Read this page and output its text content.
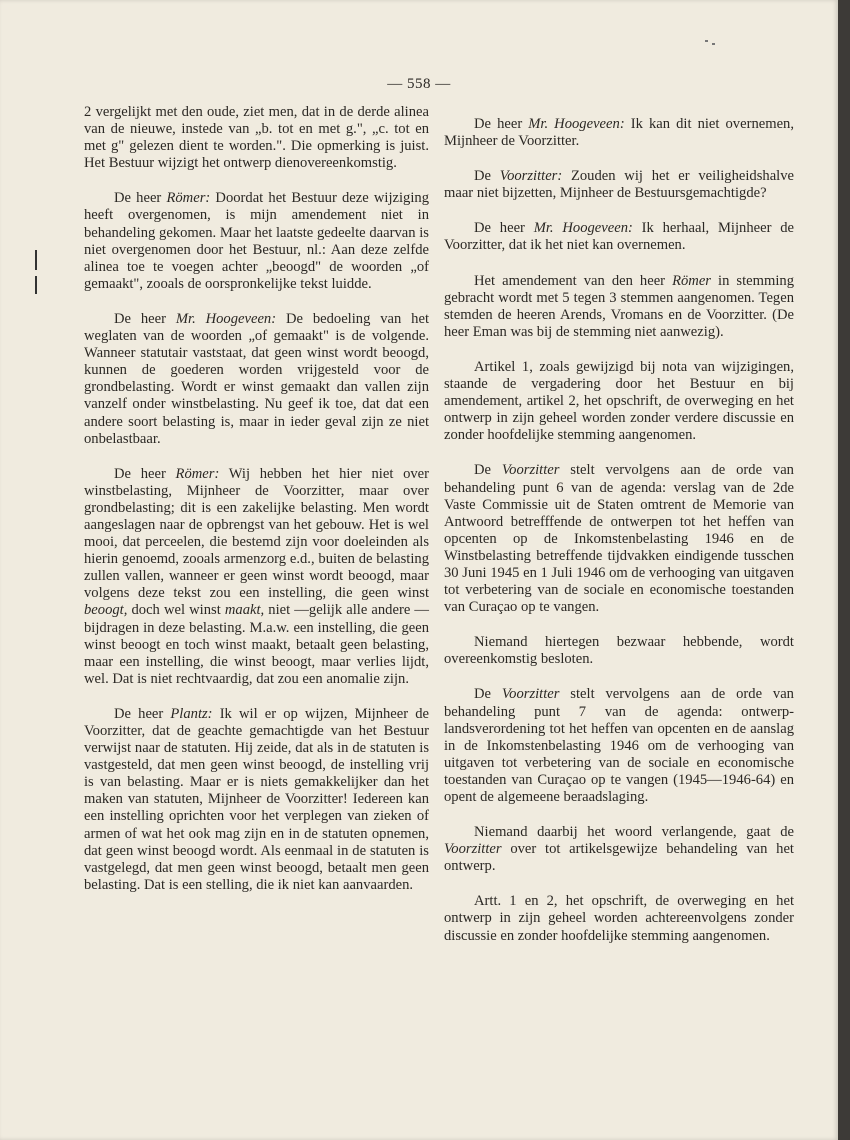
— 558 —

2 vergelijkt met den oude, ziet men, dat in de derde alinea van de nieuwe, instede van „b. tot en met g.", „c. tot en met g" gelezen dient te worden.". Die opmerking is juist. Het Bestuur wijzigt het ontwerp dienovereenkomstig.

De heer Römer: Doordat het Bestuur deze wijziging heeft overgenomen, is mijn amendement niet in behandeling gekomen. Maar het laatste gedeelte daarvan is niet overgenomen door het Bestuur, nl.: Aan deze zelfde alinea toe te voegen achter „beoogd" de woorden „of gemaakt", zooals de oorspronkelijke tekst luidde.

De heer Mr. Hoogeveen: De bedoeling van het weglaten van de woorden „of gemaakt" is de volgende. Wanneer statutair vaststaat, dat geen winst wordt beoogd, kunnen de goederen worden vrijgesteld voor de grondbelasting. Wordt er winst gemaakt dan vallen zijn vanzelf onder winstbelasting. Nu geef ik toe, dat dat een andere soort belasting is, maar in ieder geval zijn ze niet onbelastbaar.

De heer Römer: Wij hebben het hier niet over winstbelasting, Mijnheer de Voorzitter, maar over grondbelasting; dit is een zakelijke belasting. Men wordt aangeslagen naar de opbrengst van het gebouw. Het is wel mooi, dat perceelen, die bestemd zijn voor doeleinden als hierin genoemd, zooals armenzorg e.d., buiten de belasting zullen vallen, wanneer er geen winst wordt beoogd, maar volgens deze tekst zou een instelling, die geen winst beoogt, doch wel winst maakt, niet —gelijk alle andere — bijdragen in deze belasting. M.a.w. een instelling, die geen winst beoogt en toch winst maakt, betaalt geen belasting, maar een instelling, die winst beoogt, maar verlies lijdt, wel. Dat is niet rechtvaardig, dat zou een anomalie zijn.

De heer Plantz: Ik wil er op wijzen, Mijnheer de Voorzitter, dat de geachte gemachtigde van het Bestuur verwijst naar de statuten. Hij zeide, dat als in de statuten is vastgesteld, dat men geen winst beoogd, de instelling vrij is van belasting. Maar er is niets gemakkelijker dan het maken van statuten, Mijnheer de Voorzitter! Iedereen kan een instelling oprichten voor het verplegen van zieken of armen of wat het ook mag zijn en in de statuten opnemen, dat geen winst beoogd wordt. Als eenmaal in de statuten is vastgelegd, dat men geen winst beoogd, betaalt men geen belasting. Dat is een stelling, die ik niet kan aanvaarden.

De heer Mr. Hoogeveen: Ik kan dit niet overnemen, Mijnheer de Voorzitter.

De Voorzitter: Zouden wij het er veiligheidshalve maar niet bijzetten, Mijnheer de Bestuursgemachtigde?

De heer Mr. Hoogeveen: Ik herhaal, Mijnheer de Voorzitter, dat ik het niet kan overnemen.

Het amendement van den heer Römer in stemming gebracht wordt met 5 tegen 3 stemmen aangenomen. Tegen stemden de heeren Arends, Vromans en de Voorzitter. (De heer Eman was bij de stemming niet aanwezig).

Artikel 1, zoals gewijzigd bij nota van wijzigingen, staande de vergadering door het Bestuur en bij amendement, artikel 2, het opschrift, de overweging en het ontwerp in zijn geheel worden zonder verdere discussie en zonder hoofdelijke stemming aangenomen.

De Voorzitter stelt vervolgens aan de orde van behandeling punt 6 van de agenda: verslag van de 2de Vaste Commissie uit de Staten omtrent de Memorie van Antwoord betrefffende de ontwerpen tot het heffen van opcenten op de Inkomstenbelasting 1946 en de Winstbelasting betreffende tijdvakken eindigende tusschen 30 Juni 1945 en 1 Juli 1946 om de verhooging van uitgaven tot verbetering van de sociale en economische toestanden van Curaçao op te vangen.

Niemand hiertegen bezwaar hebbende, wordt overeenkomstig besloten.

De Voorzitter stelt vervolgens aan de orde van behandeling punt 7 van de agenda: ontwerp-landsverordening tot het heffen van opcenten en de aanslag in de Inkomstenbelasting 1946 om de verhooging van uitgaven tot verbetering van de sociale en economische toestanden van Curaçao op te vangen (1945—1946-64) en opent de algemeene beraadslaging.

Niemand daarbij het woord verlangende, gaat de Voorzitter over tot artikelsgewijze behandeling van het ontwerp.

Artt. 1 en 2, het opschrift, de overweging en het ontwerp in zijn geheel worden achtereenvolgens zonder discussie en zonder hoofdelijke stemming aangenomen.
